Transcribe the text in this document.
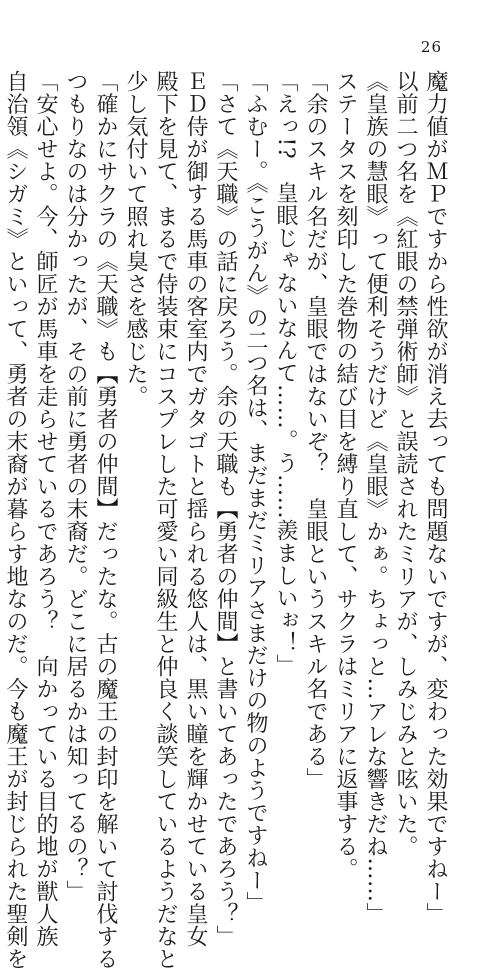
26
魔力値がＭＰですから性欲が消え去っても問題ないですが、変わった効果ですねー」
以前二つ名を《紅眼の禁弾術師》と誤読されたミリアが、しみじみと呟いた。
《皇族の慧眼》って便利そうだけど《皇眼》かぁ。ちょっと…アレな響きだね……」
ステータスを刻印した巻物の結び目を縛り直して、サクラはミリアに返事する。
「余のスキル名だが、皇眼ではないぞ？　皇眼というスキル名である」
「えっ!?　皇眼じゃないなんて……。う……羨ましいぉ！」
「ふむー。《こうがん》の二つ名は、まだまだミリアさまだけの物のようですねー」
「さて《天職》の話に戻ろう。余の天職も【勇者の仲間】と書いてあったであろう？」
ＥＤ侍が御する馬車の客室内でガタゴトと揺られる悠人は、黒い瞳を輝かせている皇女
殿下を見て、まるで侍装束にコスプレした可愛い同級生と仲良く談笑しているようだなと
少し気付いて照れ臭さを感じた。
「確かにサクラの《天職》も【勇者の仲間】だったな。古の魔王の封印を解いて討伐する
つもりなのは分かったが、その前に勇者の末裔だ。どこに居るかは知ってるの？」
「安心せよ。今、師匠が馬車を走らせているであろう？　向かっている目的地が獣人族
自治領《シガミ》といって、勇者の末裔が暮らす地なのだ。今も魔王が封じられた聖剣を
